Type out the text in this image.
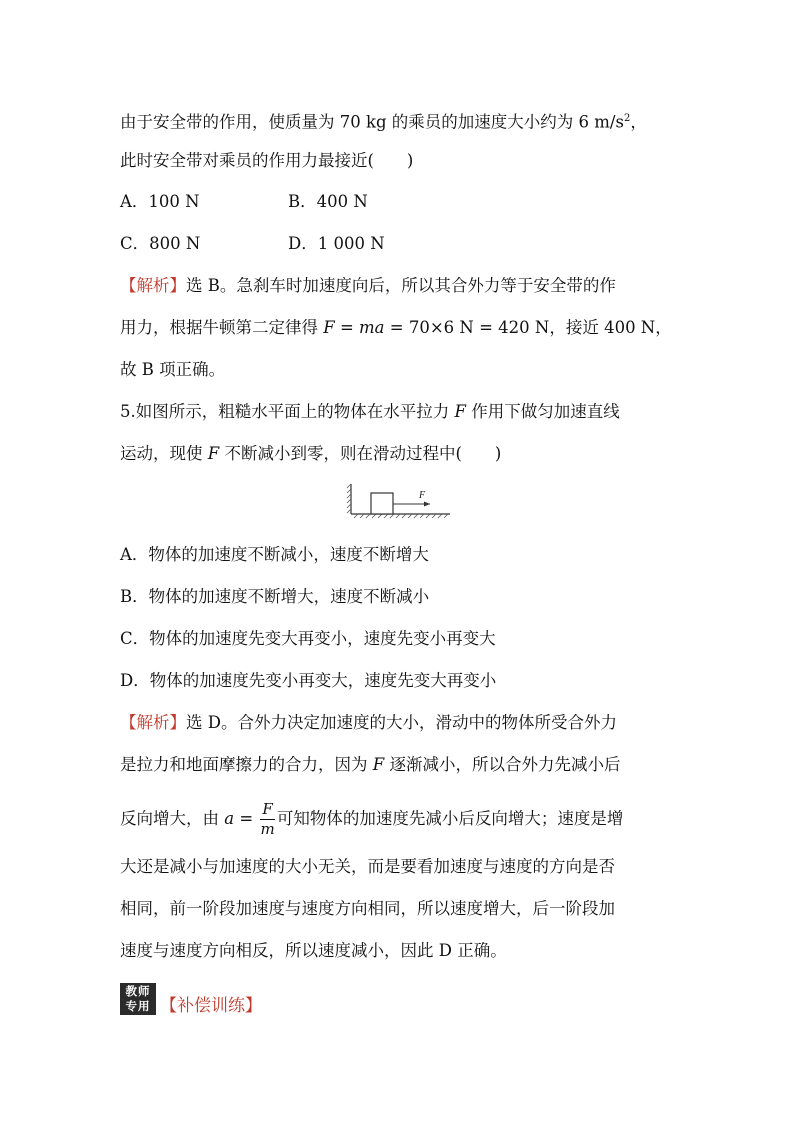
由于安全带的作用，使质量为 70 kg 的乘员的加速度大小约为 6 $m/s^2$，
此时安全带对乘员的作用力最接近(　　)
A．100 N	B．400 N
C．800 N	D．1 000 N
【解析】选 B。急刹车时加速度向后，所以其合外力等于安全带的作
用力，根据牛顿第二定律得 F = ma = 70×6 N = 420 N，接近 400 N，
故 B 项正确。
5.如图所示，粗糙水平面上的物体在水平拉力 F 作用下做匀加速直线
运动，现使 F 不断减小到零，则在滑动过程中(　　)
F
A．物体的加速度不断减小，速度不断增大
B．物体的加速度不断增大，速度不断减小
C．物体的加速度先变大再变小，速度先变小再变大
D．物体的加速度先变小再变大，速度先变大再变小
【解析】选 D。合外力决定加速度的大小，滑动中的物体所受合外力
是拉力和地面摩擦力的合力，因为 F 逐渐减小，所以合外力先减小后
反向增大，由 $a = \frac{F}{m}$ 可知物体的加速度先减小后反向增大；速度是增
大还是减小与加速度的大小无关，而是要看加速度与速度的方向是否
相同，前一阶段加速度与速度方向相同，所以速度增大，后一阶段加
速度与速度方向相反，所以速度减小，因此 D 正确。
教师
专用 【补偿训练】
